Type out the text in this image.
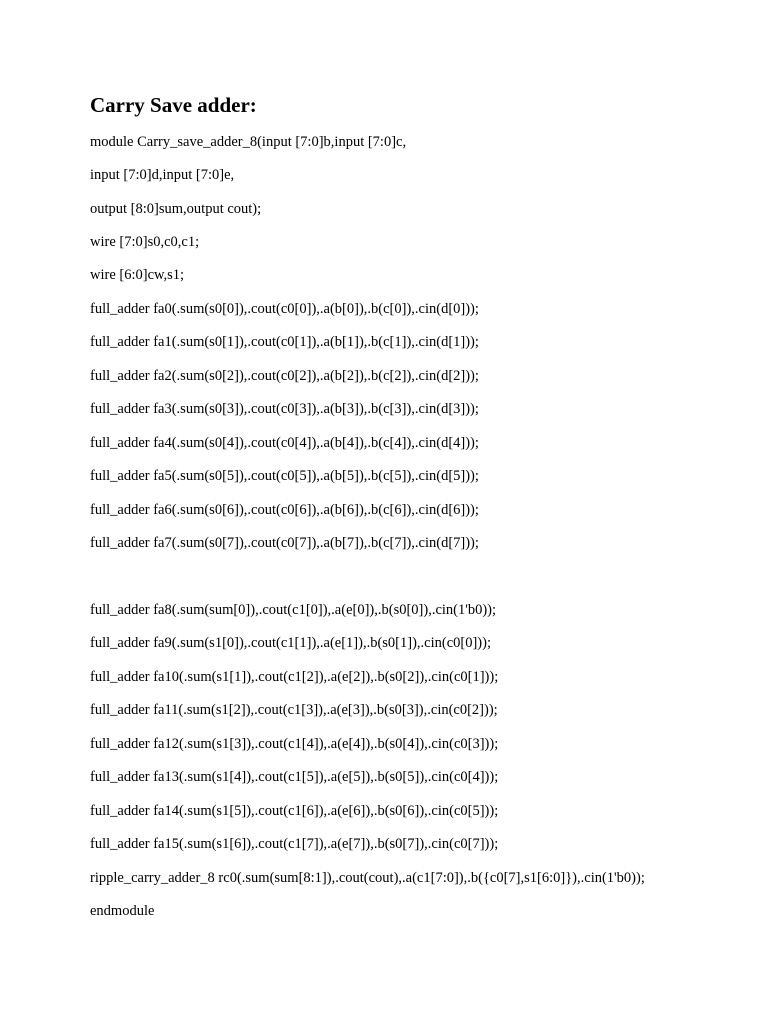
Carry Save adder:
module Carry_save_adder_8(input [7:0]b,input [7:0]c,
input [7:0]d,input [7:0]e,
output [8:0]sum,output cout);
wire [7:0]s0,c0,c1;
wire [6:0]cw,s1;
full_adder fa0(.sum(s0[0]),.cout(c0[0]),.a(b[0]),.b(c[0]),.cin(d[0]));
full_adder fa1(.sum(s0[1]),.cout(c0[1]),.a(b[1]),.b(c[1]),.cin(d[1]));
full_adder fa2(.sum(s0[2]),.cout(c0[2]),.a(b[2]),.b(c[2]),.cin(d[2]));
full_adder fa3(.sum(s0[3]),.cout(c0[3]),.a(b[3]),.b(c[3]),.cin(d[3]));
full_adder fa4(.sum(s0[4]),.cout(c0[4]),.a(b[4]),.b(c[4]),.cin(d[4]));
full_adder fa5(.sum(s0[5]),.cout(c0[5]),.a(b[5]),.b(c[5]),.cin(d[5]));
full_adder fa6(.sum(s0[6]),.cout(c0[6]),.a(b[6]),.b(c[6]),.cin(d[6]));
full_adder fa7(.sum(s0[7]),.cout(c0[7]),.a(b[7]),.b(c[7]),.cin(d[7]));
full_adder fa8(.sum(sum[0]),.cout(c1[0]),.a(e[0]),.b(s0[0]),.cin(1'b0));
full_adder fa9(.sum(s1[0]),.cout(c1[1]),.a(e[1]),.b(s0[1]),.cin(c0[0]));
full_adder fa10(.sum(s1[1]),.cout(c1[2]),.a(e[2]),.b(s0[2]),.cin(c0[1]));
full_adder fa11(.sum(s1[2]),.cout(c1[3]),.a(e[3]),.b(s0[3]),.cin(c0[2]));
full_adder fa12(.sum(s1[3]),.cout(c1[4]),.a(e[4]),.b(s0[4]),.cin(c0[3]));
full_adder fa13(.sum(s1[4]),.cout(c1[5]),.a(e[5]),.b(s0[5]),.cin(c0[4]));
full_adder fa14(.sum(s1[5]),.cout(c1[6]),.a(e[6]),.b(s0[6]),.cin(c0[5]));
full_adder fa15(.sum(s1[6]),.cout(c1[7]),.a(e[7]),.b(s0[7]),.cin(c0[7]));
ripple_carry_adder_8 rc0(.sum(sum[8:1]),.cout(cout),.a(c1[7:0]),.b({c0[7],s1[6:0]}),.cin(1'b0));
endmodule
